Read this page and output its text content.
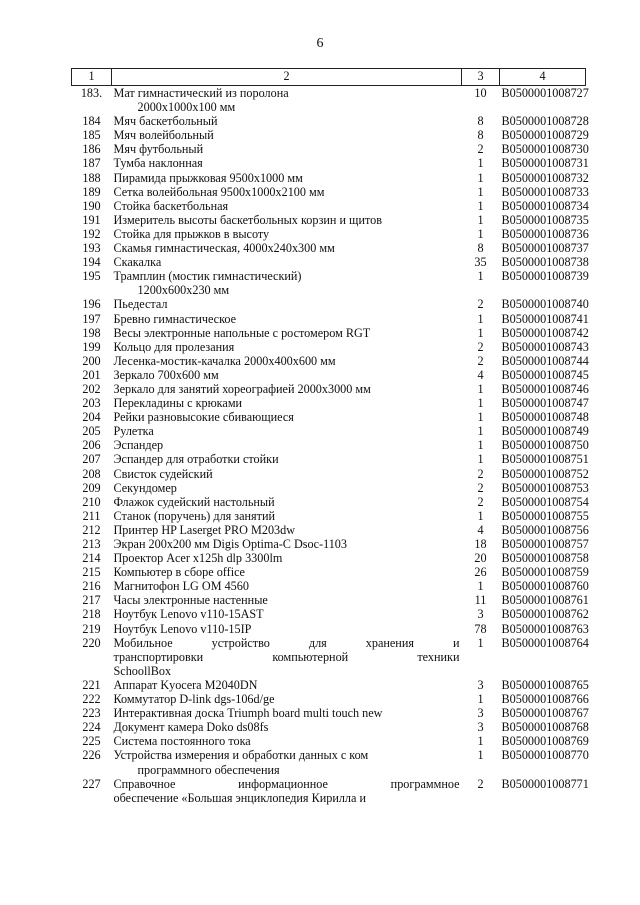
6
1	2	3	4
183.	Мат гимнастический из поролона
2000х1000х100 мм	10	B0500001008727
184	Мяч баскетбольный	8	B0500001008728
185	Мяч волейбольный	8	B0500001008729
186	Мяч футбольный	2	B0500001008730
187	Тумба наклонная	1	B0500001008731
188	Пирамида прыжковая 9500х1000 мм	1	B0500001008732
189	Сетка волейбольная 9500х1000х2100 мм	1	B0500001008733
190	Стойка баскетбольная	1	B0500001008734
191	Измеритель высоты баскетбольных корзин и щитов	1	B0500001008735
192	Стойка для прыжков в высоту	1	B0500001008736
193	Скамья гимнастическая, 4000х240х300 мм	8	B0500001008737
194	Скакалка	35	B0500001008738
195	Трамплин (мостик гимнастический)
1200х600х230 мм	1	B0500001008739
196	Пьедестал	2	B0500001008740
197	Бревно гимнастическое	1	B0500001008741
198	Весы электронные напольные с ростомером RGT	1	B0500001008742
199	Кольцо для пролезания	2	B0500001008743
200	Лесенка-мостик-качалка 2000х400х600 мм	2	B0500001008744
201	Зеркало 700х600 мм	4	B0500001008745
202	Зеркало для занятий хореографией 2000х3000 мм	1	B0500001008746
203	Перекладины с крюками	1	B0500001008747
204	Рейки разновысокие сбивающиеся	1	B0500001008748
205	Рулетка	1	B0500001008749
206	Эспандер	1	B0500001008750
207	Эспандер для отработки стойки	1	B0500001008751
208	Свисток судейский	2	B0500001008752
209	Секундомер	2	B0500001008753
210	Флажок судейский настольный	2	B0500001008754
211	Станок (поручень) для занятий	1	B0500001008755
212	Принтер HP Laserget PRO M203dw	4	B0500001008756
213	Экран 200х200 мм Digis Optima-C Dsoc-1103	18	B0500001008757
214	Проектор Acer x125h dlp 3300lm	20	B0500001008758
215	Компьютер в сборе office	26	B0500001008759
216	Магнитофон LG OM 4560	1	B0500001008760
217	Часы электронные настенные	11	B0500001008761
218	Ноутбук Lenovo v110-15AST	3	B0500001008762
219	Ноутбук Lenovo v110-15IP	78	B0500001008763
220	Мобильное устройство для хранения и
транспортировки компьютерной техники
SchoollBox	1	B0500001008764
221	Аппарат Kyocera M2040DN	3	B0500001008765
222	Коммутатор D-link dgs-106d/ge	1	B0500001008766
223	Интерактивная доска Triumph board multi touch new	3	B0500001008767
224	Документ камера Doko ds08fs	3	B0500001008768
225	Система постоянного тока	1	B0500001008769
226	Устройства измерения и обработки данных с ком
программного обеспечения	1	B0500001008770
227	Справочное информационное программное
обеспечение «Большая энциклопедия Кирилла и	2	B0500001008771
